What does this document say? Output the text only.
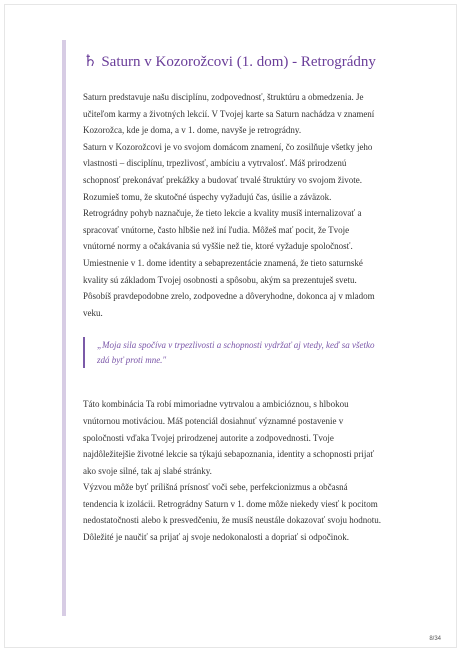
♄ Saturn v Kozorožcovi (1. dom) - Retrográdny

Saturn predstavuje našu disciplínu, zodpovednosť, štruktúru a obmedzenia. Je učiteľom karmy a životných lekcií. V Tvojej karte sa Saturn nachádza v znamení Kozorožca, kde je doma, a v 1. dome, navyše je retrográdny.

Saturn v Kozorožcovi je vo svojom domácom znamení, čo zosilňuje všetky jeho vlastnosti – disciplínu, trpezlivosť, ambíciu a vytrvalosť. Máš prirodzenú schopnosť prekonávať prekážky a budovať trvalé štruktúry vo svojom živote. Rozumieš tomu, že skutočné úspechy vyžadujú čas, úsilie a záväzok.

Retrográdny pohyb naznačuje, že tieto lekcie a kvality musíš internalizovať a spracovať vnútorne, často hlbšie než iní ľudia. Môžeš mať pocit, že Tvoje vnútorné normy a očakávania sú vyššie než tie, ktoré vyžaduje spoločnosť.

Umiestnenie v 1. dome identity a sebaprezentácie znamená, že tieto saturnské kvality sú základom Tvojej osobnosti a spôsobu, akým sa prezentuješ svetu. Pôsobíš pravdepodobne zrelo, zodpovedne a dôveryhodne, dokonca aj v mladom veku.

„Moja sila spočíva v trpezlivosti a schopnosti vydržať aj vtedy, keď sa všetko zdá byť proti mne."

Táto kombinácia Ta robí mimoriadne vytrvalou a ambicióznou, s hlbokou vnútornou motiváciou. Máš potenciál dosiahnuť významné postavenie v spoločnosti vďaka Tvojej prirodzenej autorite a zodpovednosti. Tvoje najdôležitejšie životné lekcie sa týkajú sebapoznania, identity a schopnosti prijať ako svoje silné, tak aj slabé stránky.

Výzvou môže byť prílišná prísnosť voči sebe, perfekcionizmus a občasná tendencia k izolácii. Retrográdny Saturn v 1. dome môže niekedy viesť k pocitom nedostatočnosti alebo k presvedčeniu, že musíš neustále dokazovať svoju hodnotu. Dôležité je naučiť sa prijať aj svoje nedokonalosti a dopriať si odpočinok.

8/34
